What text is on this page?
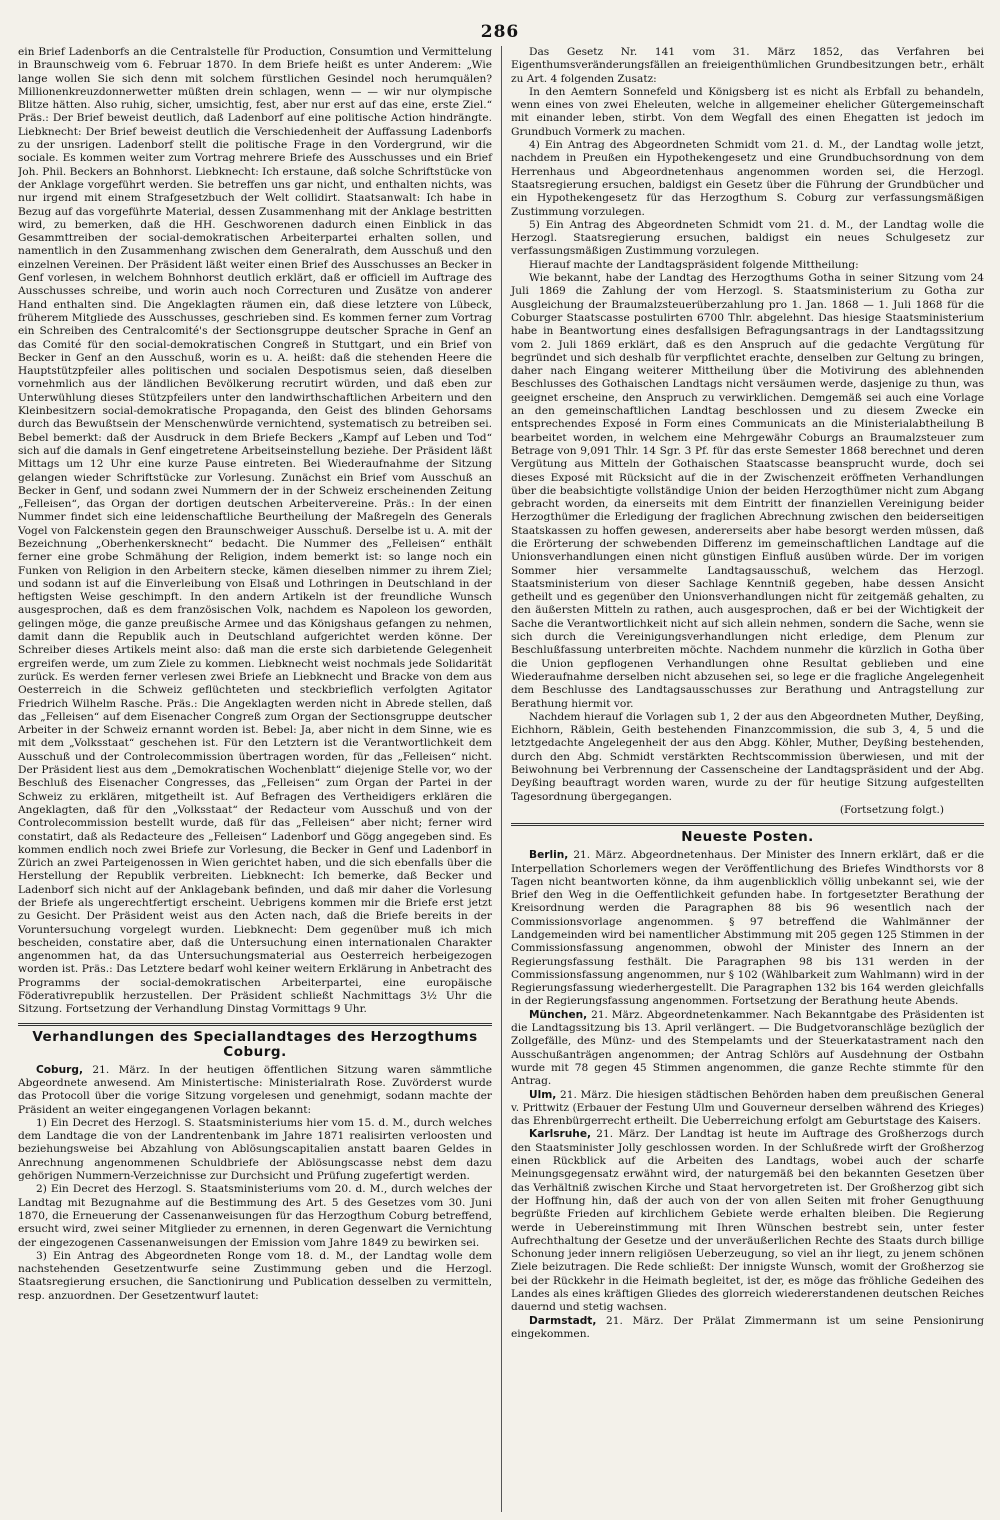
286

ein Brief Ladenborfs an die Centralstelle für Production, Consumtion und Vermittelung in Braunschweig vom 6. Februar 1870. In dem Briefe heißt es unter Anderem: „Wie lange wollen Sie sich denn mit solchem fürstlichen Gesindel noch herumquälen? Millionenkreuzdonnerwetter müßten drein schlagen, wenn — — wir nur olympische Blitze hätten. Also ruhig, sicher, umsichtig, fest, aber nur erst auf das eine, erste Ziel.“ Präs.: Der Brief beweist deutlich, daß Ladenborf auf eine politische Action hindrängte. Liebknecht: Der Brief beweist deutlich die Verschiedenheit der Auffassung Ladenborfs zu der unsrigen. Ladenborf stellt die politische Frage in den Vordergrund, wir die sociale. Es kommen weiter zum Vortrag mehrere Briefe des Ausschusses und ein Brief Joh. Phil. Beckers an Bohnhorst. Liebknecht: Ich erstaune, daß solche Schriftstücke von der Anklage vorgeführt werden. Sie betreffen uns gar nicht, und enthalten nichts, was nur irgend mit einem Strafgesetzbuch der Welt collidirt. Staatsanwalt: Ich habe in Bezug auf das vorgeführte Material, dessen Zusammenhang mit der Anklage bestritten wird, zu bemerken, daß die HH. Geschworenen dadurch einen Einblick in das Gesammttreiben der social-demokratischen Arbeiterpartei erhalten sollen, und namentlich in den Zusammenhang zwischen dem Generalrath, dem Ausschuß und den einzelnen Vereinen. Der Präsident läßt weiter einen Brief des Ausschusses an Becker in Genf vorlesen, in welchem Bohnhorst deutlich erklärt, daß er officiell im Auftrage des Ausschusses schreibe, und worin auch noch Correcturen und Zusätze von anderer Hand enthalten sind. Die Angeklagten räumen ein, daß diese letztere von Lübeck, früherem Mitgliede des Ausschusses, geschrieben sind. Es kommen ferner zum Vortrag ein Schreiben des Centralcomité's der Sectionsgruppe deutscher Sprache in Genf an das Comité für den social-demokratischen Congreß in Stuttgart, und ein Brief von Becker in Genf an den Ausschuß, worin es u. A. heißt: daß die stehenden Heere die Hauptstützpfeiler alles politischen und socialen Despotismus seien, daß dieselben vornehmlich aus der ländlichen Bevölkerung recrutirt würden, und daß eben zur Unterwühlung dieses Stützpfeilers unter den landwirthschaftlichen Arbeitern und den Kleinbesitzern social-demokratische Propaganda, den Geist des blinden Gehorsams durch das Bewußtsein der Menschenwürde vernichtend, systematisch zu betreiben sei. Bebel bemerkt: daß der Ausdruck in dem Briefe Beckers „Kampf auf Leben und Tod“ sich auf die damals in Genf eingetretene Arbeitseinstellung beziehe. Der Präsident läßt Mittags um 12 Uhr eine kurze Pause eintreten. Bei Wiederaufnahme der Sitzung gelangen wieder Schriftstücke zur Vorlesung. Zunächst ein Brief vom Ausschuß an Becker in Genf, und sodann zwei Nummern der in der Schweiz erscheinenden Zeitung „Felleisen“, das Organ der dortigen deutschen Arbeitervereine. Präs.: In der einen Nummer findet sich eine leidenschaftliche Beurtheilung der Maßregeln des Generals Vogel von Falckenstein gegen den Braunschweiger Ausschuß. Derselbe ist u. A. mit der Bezeichnung „Oberhenkersknecht“ bedacht. Die Nummer des „Felleisen“ enthält ferner eine grobe Schmähung der Religion, indem bemerkt ist: so lange noch ein Funken von Religion in den Arbeitern stecke, kämen dieselben nimmer zu ihrem Ziel; und sodann ist auf die Einverleibung von Elsaß und Lothringen in Deutschland in der heftigsten Weise geschimpft. In den andern Artikeln ist der freundliche Wunsch ausgesprochen, daß es dem französischen Volk, nachdem es Napoleon los geworden, gelingen möge, die ganze preußische Armee und das Königshaus gefangen zu nehmen, damit dann die Republik auch in Deutschland aufgerichtet werden könne. Der Schreiber dieses Artikels meint also: daß man die erste sich darbietende Gelegenheit ergreifen werde, um zum Ziele zu kommen. Liebknecht weist nochmals jede Solidarität zurück. Es werden ferner verlesen zwei Briefe an Liebknecht und Bracke von dem aus Oesterreich in die Schweiz geflüchteten und steckbrieflich verfolgten Agitator Friedrich Wilhelm Rasche. Präs.: Die Angeklagten werden nicht in Abrede stellen, daß das „Felleisen“ auf dem Eisenacher Congreß zum Organ der Sectionsgruppe deutscher Arbeiter in der Schweiz ernannt worden ist. Bebel: Ja, aber nicht in dem Sinne, wie es mit dem „Volksstaat“ geschehen ist. Für den Letztern ist die Verantwortlichkeit dem Ausschuß und der Controlecommission übertragen worden, für das „Felleisen“ nicht. Der Präsident liest aus dem „Demokratischen Wochenblatt“ diejenige Stelle vor, wo der Beschluß des Eisenacher Congresses, das „Felleisen“ zum Organ der Partei in der Schweiz zu erklären, mitgetheilt ist. Auf Befragen des Vertheidigers erklären die Angeklagten, daß für den „Volksstaat“ der Redacteur vom Ausschuß und von der Controlecommission bestellt wurde, daß für das „Felleisen“ aber nicht; ferner wird constatirt, daß als Redacteure des „Felleisen“ Ladenborf und Gögg angegeben sind. Es kommen endlich noch zwei Briefe zur Vorlesung, die Becker in Genf und Ladenborf in Zürich an zwei Parteigenossen in Wien gerichtet haben, und die sich ebenfalls über die Herstellung der Republik verbreiten. Liebknecht: Ich bemerke, daß Becker und Ladenborf sich nicht auf der Anklagebank befinden, und daß mir daher die Vorlesung der Briefe als ungerechtfertigt erscheint. Uebrigens kommen mir die Briefe erst jetzt zu Gesicht. Der Präsident weist aus den Acten nach, daß die Briefe bereits in der Voruntersuchung vorgelegt wurden. Liebknecht: Dem gegenüber muß ich mich bescheiden, constatire aber, daß die Untersuchung einen internationalen Charakter angenommen hat, da das Untersuchungsmaterial aus Oesterreich herbeigezogen worden ist. Präs.: Das Letztere bedarf wohl keiner weitern Erklärung in Anbetracht des Programms der social-demokratischen Arbeiterpartei, eine europäische Föderativrepublik herzustellen. Der Präsident schließt Nachmittags 3½ Uhr die Sitzung. Fortsetzung der Verhandlung Dinstag Vormittags 9 Uhr.

Verhandlungen des Speciallandtages des Herzogthums
Coburg.

Coburg, 21. März. In der heutigen öffentlichen Sitzung waren sämmtliche Abgeordnete anwesend. Am Ministertische: Ministerialrath Rose. Zuvörderst wurde das Protocoll über die vorige Sitzung vorgelesen und genehmigt, sodann machte der Präsident an weiter eingegangenen Vorlagen bekannt:

1) Ein Decret des Herzogl. S. Staatsministeriums hier vom 15. d. M., durch welches dem Landtage die von der Landrentenbank im Jahre 1871 realisirten verloosten und beziehungsweise bei Abzahlung von Ablösungscapitalien anstatt baaren Geldes in Anrechnung angenommenen Schuldbriefe der Ablösungscasse nebst dem dazu gehörigen Nummern-Verzeichnisse zur Durchsicht und Prüfung zugefertigt werden.

2) Ein Decret des Herzogl. S. Staatsministeriums vom 20. d. M., durch welches der Landtag mit Bezugnahme auf die Bestimmung des Art. 5 des Gesetzes vom 30. Juni 1870, die Erneuerung der Cassenanweisungen für das Herzogthum Coburg betreffend, ersucht wird, zwei seiner Mitglieder zu ernennen, in deren Gegenwart die Vernichtung der eingezogenen Cassenanweisungen der Emission vom Jahre 1849 zu bewirken sei.

3) Ein Antrag des Abgeordneten Ronge vom 18. d. M., der Landtag wolle dem nachstehenden Gesetzentwurfe seine Zustimmung geben und die Herzogl. Staatsregierung ersuchen, die Sanctionirung und Publication desselben zu vermitteln, resp. anzuordnen. Der Gesetzentwurf lautet:

Das Gesetz Nr. 141 vom 31. März 1852, das Verfahren bei Eigenthumsveränderungsfällen an freieigenthümlichen Grundbesitzungen betr., erhält zu Art. 4 folgenden Zusatz:

In den Aemtern Sonnefeld und Königsberg ist es nicht als Erbfall zu behandeln, wenn eines von zwei Eheleuten, welche in allgemeiner ehelicher Gütergemeinschaft mit einander leben, stirbt. Von dem Wegfall des einen Ehegatten ist jedoch im Grundbuch Vormerk zu machen.

4) Ein Antrag des Abgeordneten Schmidt vom 21. d. M., der Landtag wolle jetzt, nachdem in Preußen ein Hypothekengesetz und eine Grundbuchsordnung von dem Herrenhaus und Abgeordnetenhaus angenommen worden sei, die Herzogl. Staatsregierung ersuchen, baldigst ein Gesetz über die Führung der Grundbücher und ein Hypothekengesetz für das Herzogthum S. Coburg zur verfassungsmäßigen Zustimmung vorzulegen.

5) Ein Antrag des Abgeordneten Schmidt vom 21. d. M., der Landtag wolle die Herzogl. Staatsregierung ersuchen, baldigst ein neues Schulgesetz zur verfassungsmäßigen Zustimmung vorzulegen.

Hierauf machte der Landtagspräsident folgende Mittheilung:

Wie bekannt, habe der Landtag des Herzogthums Gotha in seiner Sitzung vom 24 Juli 1869 die Zahlung der vom Herzogl. S. Staatsministerium zu Gotha zur Ausgleichung der Braumalzsteuerüberzahlung pro 1. Jan. 1868 — 1. Juli 1868 für die Coburger Staatscasse postulirten 6700 Thlr. abgelehnt. Das hiesige Staatsministerium habe in Beantwortung eines desfallsigen Befragungsantrags in der Landtagssitzung vom 2. Juli 1869 erklärt, daß es den Anspruch auf die gedachte Vergütung für begründet und sich deshalb für verpflichtet erachte, denselben zur Geltung zu bringen, daher nach Eingang weiterer Mittheilung über die Motivirung des ablehnenden Beschlusses des Gothaischen Landtags nicht versäumen werde, dasjenige zu thun, was geeignet erscheine, den Anspruch zu verwirklichen. Demgemäß sei auch eine Vorlage an den gemeinschaftlichen Landtag beschlossen und zu diesem Zwecke ein entsprechendes Exposé in Form eines Communicats an die Ministerialabtheilung B bearbeitet worden, in welchem eine Mehrgewähr Coburgs an Braumalzsteuer zum Betrage von 9,091 Thlr. 14 Sgr. 3 Pf. für das erste Semester 1868 berechnet und deren Vergütung aus Mitteln der Gothaischen Staatscasse beansprucht wurde, doch sei dieses Exposé mit Rücksicht auf die in der Zwischenzeit eröffneten Verhandlungen über die beabsichtigte vollständige Union der beiden Herzogthümer nicht zum Abgang gebracht worden, da einerseits mit dem Eintritt der finanziellen Vereinigung beider Herzogthümer die Erledigung der fraglichen Abrechnung zwischen den beiderseitigen Staatskassen zu hoffen gewesen, andererseits aber habe besorgt werden müssen, daß die Erörterung der schwebenden Differenz im gemeinschaftlichen Landtage auf die Unionsverhandlungen einen nicht günstigen Einfluß ausüben würde. Der im vorigen Sommer hier versammelte Landtagsausschuß, welchem das Herzogl. Staatsministerium von dieser Sachlage Kenntniß gegeben, habe dessen Ansicht getheilt und es gegenüber den Unionsverhandlungen nicht für zeitgemäß gehalten, zu den äußersten Mitteln zu rathen, auch ausgesprochen, daß er bei der Wichtigkeit der Sache die Verantwortlichkeit nicht auf sich allein nehmen, sondern die Sache, wenn sie sich durch die Vereinigungsverhandlungen nicht erledige, dem Plenum zur Beschlußfassung unterbreiten möchte. Nachdem nunmehr die kürzlich in Gotha über die Union gepflogenen Verhandlungen ohne Resultat geblieben und eine Wiederaufnahme derselben nicht abzusehen sei, so lege er die fragliche Angelegenheit dem Beschlusse des Landtagsausschusses zur Berathung und Antragstellung zur Berathung hiermit vor.

Nachdem hierauf die Vorlagen sub 1, 2 der aus den Abgeordneten Muther, Deyßing, Eichhorn, Räblein, Geith bestehenden Finanzcommission, die sub 3, 4, 5 und die letztgedachte Angelegenheit der aus den Abgg. Köhler, Muther, Deyßing bestehenden, durch den Abg. Schmidt verstärkten Rechtscommission überwiesen, und mit der Beiwohnung bei Verbrennung der Cassenscheine der Landtagspräsident und der Abg. Deyßing beauftragt worden waren, wurde zu der für heutige Sitzung aufgestellten Tagesordnung übergegangen.

(Fortsetzung folgt.)

Neueste Posten.

Berlin, 21. März. Abgeordnetenhaus. Der Minister des Innern erklärt, daß er die Interpellation Schorlemers wegen der Veröffentlichung des Briefes Windthorsts vor 8 Tagen nicht beantworten könne, da ihm augenblicklich völlig unbekannt sei, wie der Brief den Weg in die Oeffentlichkeit gefunden habe. In fortgesetzter Berathung der Kreisordnung werden die Paragraphen 88 bis 96 wesentlich nach der Commissionsvorlage angenommen. § 97 betreffend die Wahlmänner der Landgemeinden wird bei namentlicher Abstimmung mit 205 gegen 125 Stimmen in der Commissionsfassung angenommen, obwohl der Minister des Innern an der Regierungsfassung festhält. Die Paragraphen 98 bis 131 werden in der Commissionsfassung angenommen, nur § 102 (Wählbarkeit zum Wahlmann) wird in der Regierungsfassung wiederhergestellt. Die Paragraphen 132 bis 164 werden gleichfalls in der Regierungsfassung angenommen. Fortsetzung der Berathung heute Abends.

München, 21. März. Abgeordnetenkammer. Nach Bekanntgabe des Präsidenten ist die Landtagssitzung bis 13. April verlängert. — Die Budgetvoranschläge bezüglich der Zollgefälle, des Münz- und des Stempelamts und der Steuerkatastrament nach den Ausschußanträgen angenommen; der Antrag Schlörs auf Ausdehnung der Ostbahn wurde mit 78 gegen 45 Stimmen angenommen, die ganze Rechte stimmte für den Antrag.

Ulm, 21. März. Die hiesigen städtischen Behörden haben dem preußischen General v. Prittwitz (Erbauer der Festung Ulm und Gouverneur derselben während des Krieges) das Ehrenbürgerrecht ertheilt. Die Ueberreichung erfolgt am Geburtstage des Kaisers.

Karlsruhe, 21. März. Der Landtag ist heute im Auftrage des Großherzogs durch den Staatsminister Jolly geschlossen worden. In der Schlußrede wirft der Großherzog einen Rückblick auf die Arbeiten des Landtags, wobei auch der scharfe Meinungsgegensatz erwähnt wird, der naturgemäß bei den bekannten Gesetzen über das Verhältniß zwischen Kirche und Staat hervorgetreten ist. Der Großherzog gibt sich der Hoffnung hin, daß der auch von der von allen Seiten mit froher Genugthuung begrüßte Frieden auf kirchlichem Gebiete werde erhalten bleiben. Die Regierung werde in Uebereinstimmung mit Ihren Wünschen bestrebt sein, unter fester Aufrechthaltung der Gesetze und der unveräußerlichen Rechte des Staats durch billige Schonung jeder innern religiösen Ueberzeugung, so viel an ihr liegt, zu jenem schönen Ziele beizutragen. Die Rede schließt: Der innigste Wunsch, womit der Großherzog sie bei der Rückkehr in die Heimath begleitet, ist der, es möge das fröhliche Gedeihen des Landes als eines kräftigen Gliedes des glorreich wiedererstandenen deutschen Reiches dauernd und stetig wachsen.

Darmstadt, 21. März. Der Prälat Zimmermann ist um seine Pensionirung eingekommen.
